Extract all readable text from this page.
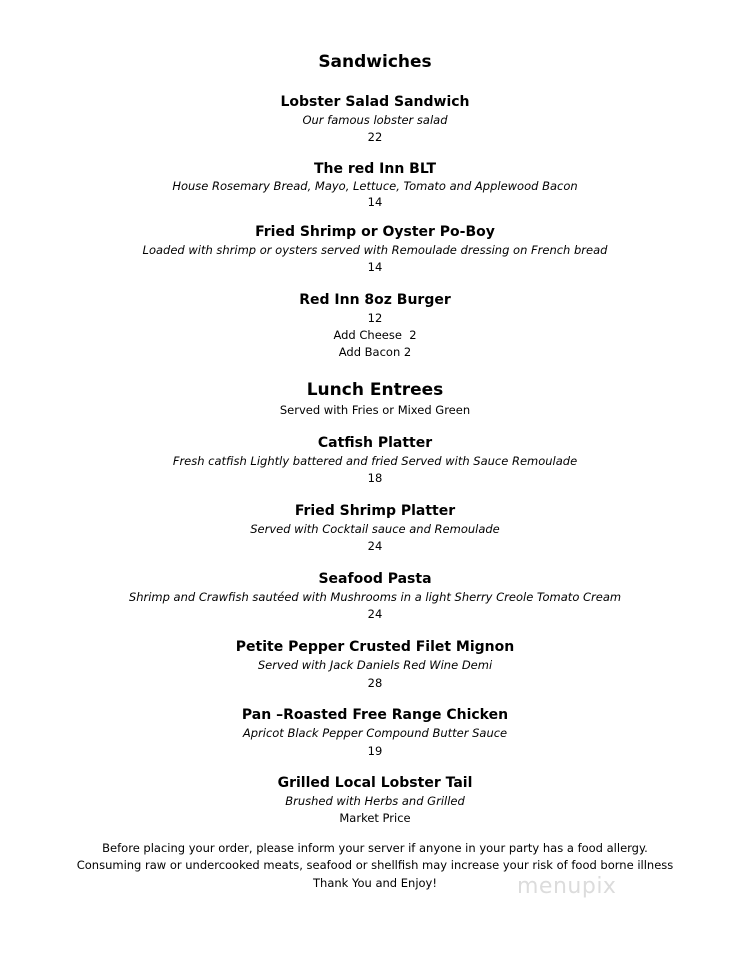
Sandwiches
Lobster Salad Sandwich
Our famous lobster salad
22
The red Inn BLT
House Rosemary Bread, Mayo, Lettuce, Tomato and Applewood Bacon
14
Fried Shrimp or Oyster Po-Boy
Loaded with shrimp or oysters served with Remoulade dressing on French bread
14
Red Inn 8oz Burger
12
Add Cheese  2
Add Bacon 2
Lunch Entrees
Served with Fries or Mixed Green
Catfish Platter
Fresh catfish Lightly battered and fried Served with Sauce Remoulade
18
Fried Shrimp Platter
Served with Cocktail sauce and Remoulade
24
Seafood Pasta
Shrimp and Crawfish sautéed with Mushrooms in a light Sherry Creole Tomato Cream
24
Petite Pepper Crusted Filet Mignon
Served with Jack Daniels Red Wine Demi
28
Pan –Roasted Free Range Chicken
Apricot Black Pepper Compound Butter Sauce
19
Grilled Local Lobster Tail
Brushed with Herbs and Grilled
Market Price
Before placing your order, please inform your server if anyone in your party has a food allergy.
Consuming raw or undercooked meats, seafood or shellfish may increase your risk of food borne illness
Thank You and Enjoy!	menupix
